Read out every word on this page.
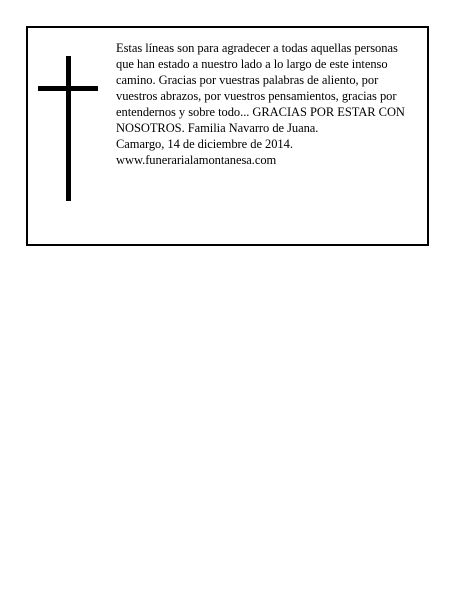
Estas líneas son para agradecer a todas aquellas personas que han estado a nuestro lado a lo largo de este intenso camino. Gracias por vuestras palabras de aliento, por vuestros abrazos, por vuestros pensamientos, gracias por entendernos y sobre todo... GRACIAS POR ESTAR CON NOSOTROS. Familia Navarro de Juana.

Camargo, 14 de diciembre de 2014.

www.funerarialamontanesa.com
